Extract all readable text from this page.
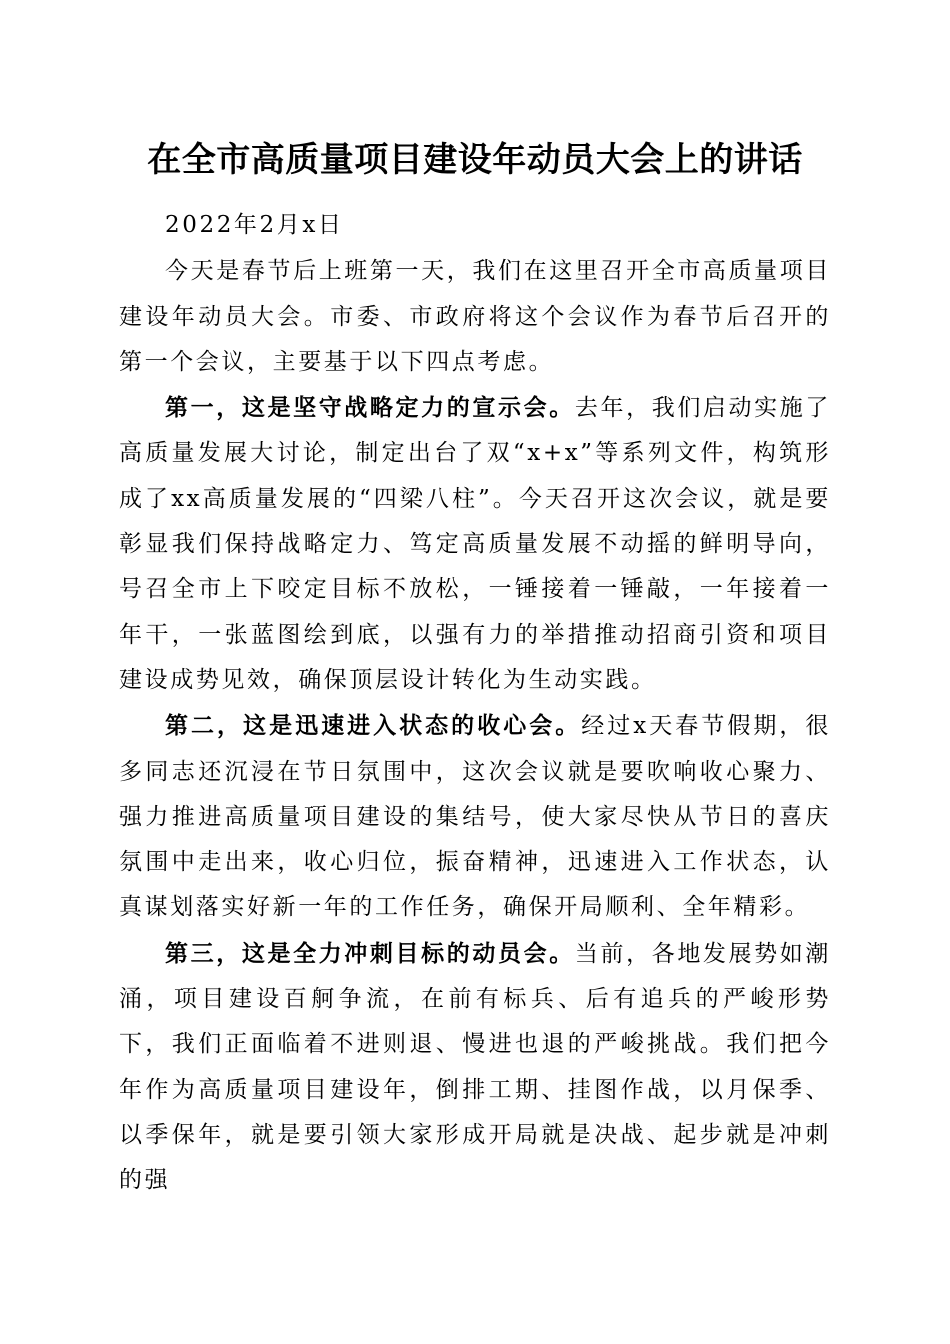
在全市高质量项目建设年动员大会上的讲话

2022年2月x日

今天是春节后上班第一天，我们在这里召开全市高质量项目建设年动员大会。市委、市政府将这个会议作为春节后召开的第一个会议，主要基于以下四点考虑。

第一，这是坚守战略定力的宣示会。去年，我们启动实施了高质量发展大讨论，制定出台了双“x+x”等系列文件，构筑形成了xx高质量发展的“四梁八柱”。今天召开这次会议，就是要彰显我们保持战略定力、笃定高质量发展不动摇的鲜明导向，号召全市上下咬定目标不放松，一锤接着一锤敲，一年接着一年干，一张蓝图绘到底，以强有力的举措推动招商引资和项目建设成势见效，确保顶层设计转化为生动实践。

第二，这是迅速进入状态的收心会。经过x天春节假期，很多同志还沉浸在节日氛围中，这次会议就是要吹响收心聚力、强力推进高质量项目建设的集结号，使大家尽快从节日的喜庆氛围中走出来，收心归位，振奋精神，迅速进入工作状态，认真谋划落实好新一年的工作任务，确保开局顺利、全年精彩。

第三，这是全力冲刺目标的动员会。当前，各地发展势如潮涌，项目建设百舸争流，在前有标兵、后有追兵的严峻形势下，我们正面临着不进则退、慢进也退的严峻挑战。我们把今年作为高质量项目建设年，倒排工期、挂图作战，以月保季、以季保年，就是要引领大家形成开局就是决战、起步就是冲刺的强
